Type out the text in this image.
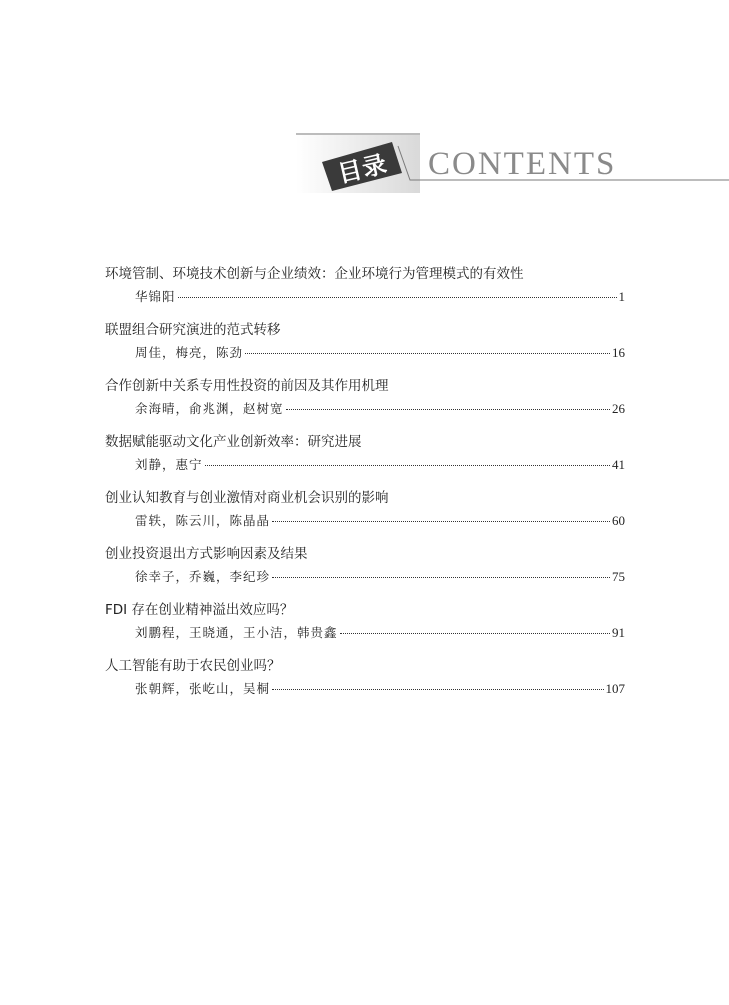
目录	CONTENTS
环境管制、环境技术创新与企业绩效：企业环境行为管理模式的有效性
华锦阳	1
联盟组合研究演进的范式转移
周佳，梅亮，陈劲	16
合作创新中关系专用性投资的前因及其作用机理
余海晴，俞兆渊，赵树宽	26
数据赋能驱动文化产业创新效率：研究进展
刘静，惠宁	41
创业认知教育与创业激情对商业机会识别的影响
雷轶，陈云川，陈晶晶	60
创业投资退出方式影响因素及结果
徐幸子，乔巍，李纪珍	75
FDI 存在创业精神溢出效应吗？
刘鹏程，王晓通，王小洁，韩贵鑫	91
人工智能有助于农民创业吗？
张朝辉，张屹山，吴桐	107
